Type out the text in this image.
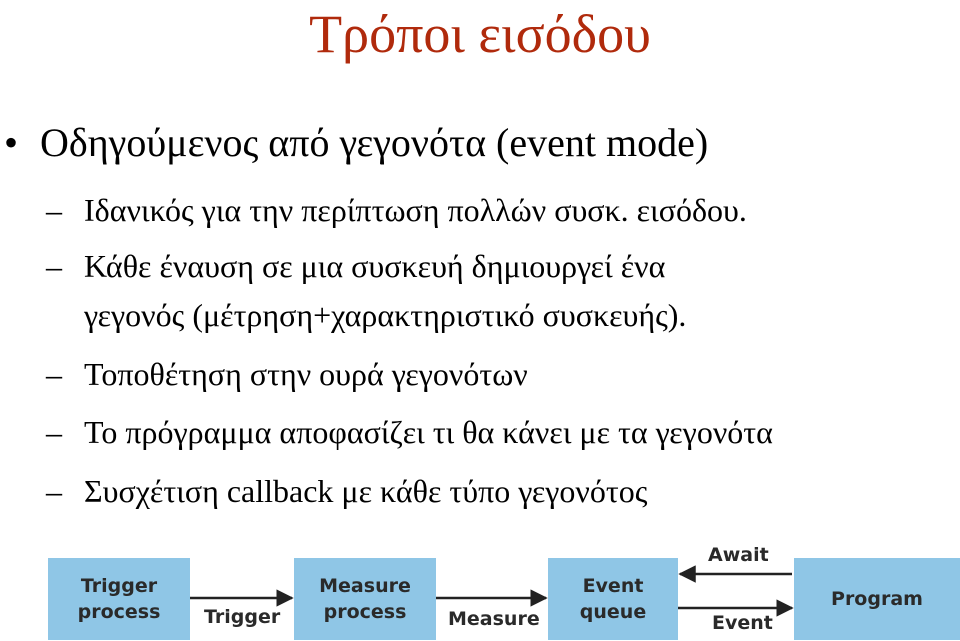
Τρόποι εισόδου
• Οδηγούμενος από γεγονότα (event mode)
– Ιδανικός για την περίπτωση πολλών συσκ. εισόδου.
– Κάθε έναυση σε μια συσκευή δημιουργεί ένα
γεγονός (μέτρηση+χαρακτηριστικό συσκευής).
– Τοποθέτηση στην ουρά γεγονότων
– Το πρόγραμμα αποφασίζει τι θα κάνει με τα γεγονότα
– Συσχέτιση callback με κάθε τύπο γεγονότος
Trigger
process
Measure
process
Event
queue
Program
Trigger	Measure
Await
Event
